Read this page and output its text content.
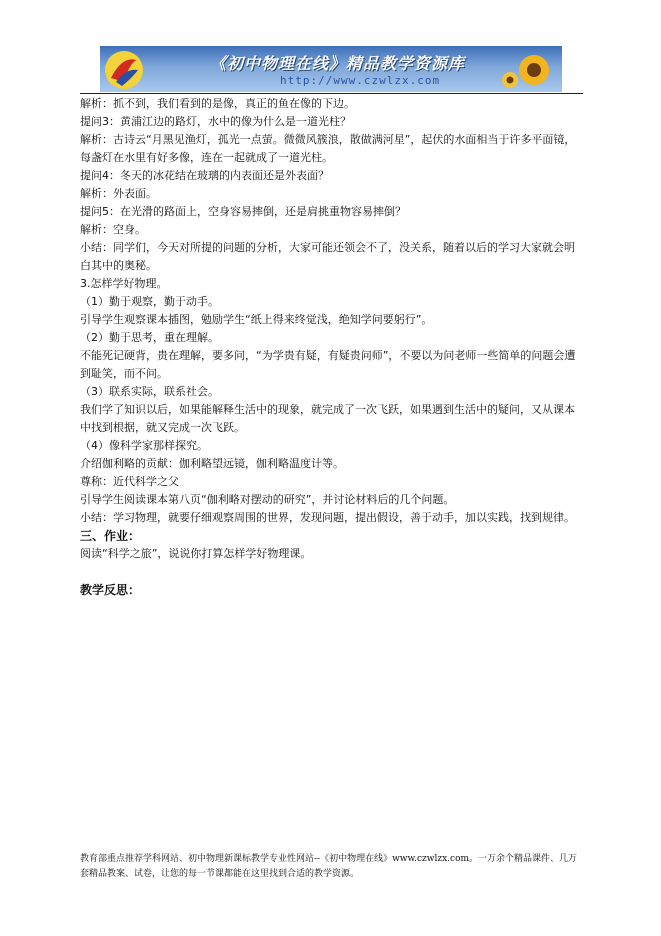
《初中物理在线》精品教学资源库
http://www.czwlzx.com

解析：抓不到，我们看到的是像，真正的鱼在像的下边。

提问3：黄浦江边的路灯，水中的像为什么是一道光柱？

解析：古诗云“月黑见渔灯，孤光一点萤。微微风簇浪，散做满河星”，起伏的水面相当于许多平面镜，每盏灯在水里有好多像，连在一起就成了一道光柱。

提问4：冬天的冰花结在玻璃的内表面还是外表面？

解析：外表面。

提问5：在光滑的路面上，空身容易摔倒，还是肩挑重物容易摔倒？

解析：空身。

小结：同学们，今天对所提的问题的分析，大家可能还领会不了，没关系，随着以后的学习大家就会明白其中的奥秘。

3.怎样学好物理。

（1）勤于观察，勤于动手。

引导学生观察课本插图，勉励学生“纸上得来终觉浅，绝知学问要躬行”。

（2）勤于思考，重在理解。

不能死记硬背，贵在理解，要多问，“为学贵有疑，有疑贵问师”，不要以为问老师一些简单的问题会遭到耻笑，而不问。

（3）联系实际，联系社会。

我们学了知识以后，如果能解释生活中的现象，就完成了一次飞跃，如果遇到生活中的疑问，又从课本中找到根据，就又完成一次飞跃。

（4）像科学家那样探究。

介绍伽利略的贡献：伽利略望远镜，伽利略温度计等。

尊称：近代科学之父

引导学生阅读课本第八页“伽利略对摆动的研究”，并讨论材料后的几个问题。

小结：学习物理，就要仔细观察周围的世界，发现问题，提出假设，善于动手，加以实践，找到规律。

三、作业：

阅读“科学之旅”，说说你打算怎样学好物理课。

教学反思：

教育部重点推荐学科网站、初中物理新课标教学专业性网站--《初中物理在线》www.czwlzx.com。一万余个精品课件、几万套精品教案、试卷，让您的每一节课都能在这里找到合适的教学资源。
